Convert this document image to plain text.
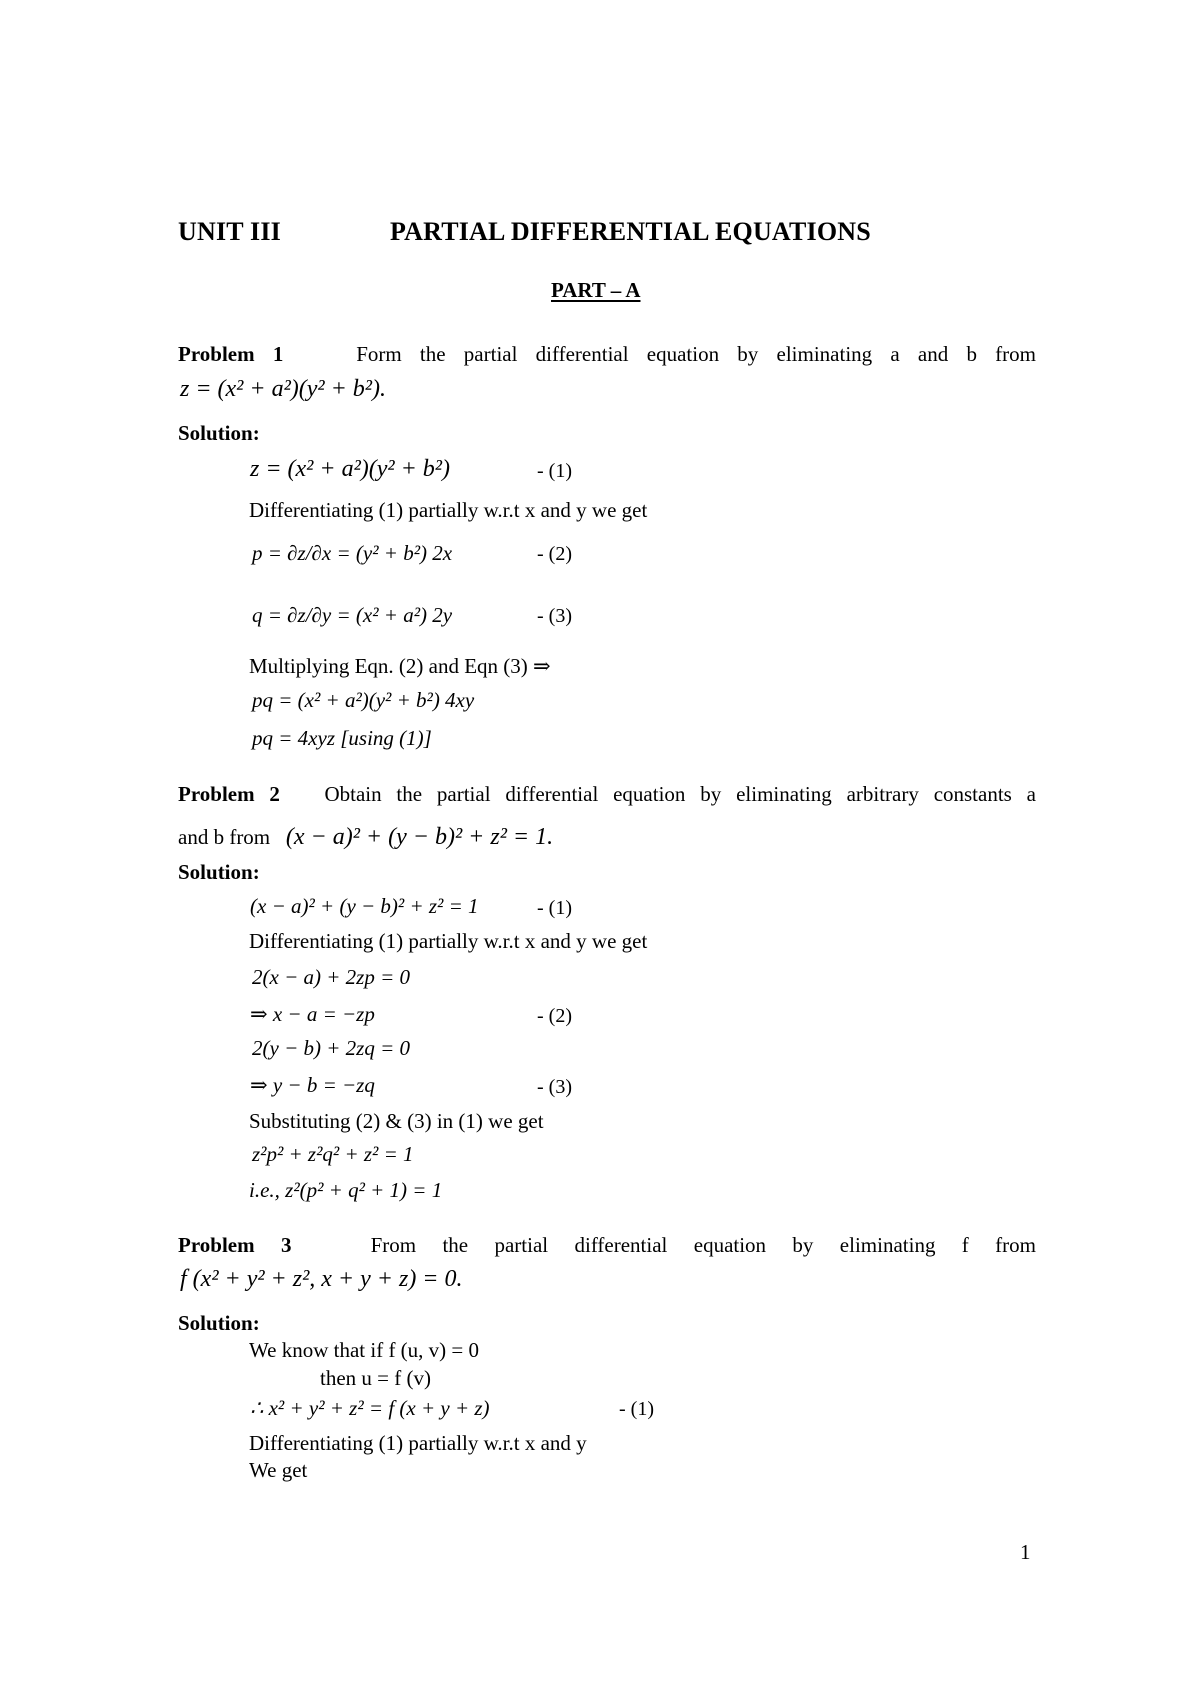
UNIT III	PARTIAL DIFFERENTIAL EQUATIONS
PART – A
Problem 1	Form the partial differential equation by eliminating a and b from
z = (x² + a²)(y² + b²).
Solution:
z = (x² + a²)(y² + b²)	- (1)
Differentiating (1) partially w.r.t x and y we get
p = ∂z/∂x = (y² + b²) 2x	- (2)
q = ∂z/∂y = (x² + a²) 2y	- (3)
Multiplying Eqn. (2) and Eqn (3) ⇒
pq = (x² + a²)(y² + b²) 4xy
pq = 4xyz [using (1)]
Problem 2 Obtain the partial differential equation by eliminating arbitrary constants a
and b from (x − a)² + (y − b)² + z² = 1.
Solution:
(x − a)² + (y − b)² + z² = 1	- (1)
Differentiating (1) partially w.r.t x and y we get
2(x − a) + 2zp = 0
⇒ x − a = −zp	- (2)
2(y − b) + 2zq = 0
⇒ y − b = −zq	- (3)
Substituting (2) & (3) in (1) we get
z²p² + z²q² + z² = 1
i.e., z²(p² + q² + 1) = 1
Problem 3	From the partial differential equation by eliminating f from
f (x² + y² + z², x + y + z) = 0.
Solution:
We know that if f (u, v) = 0
then u = f (v)
∴ x² + y² + z² = f (x + y + z)	- (1)
Differentiating (1) partially w.r.t x and y
We get
1
